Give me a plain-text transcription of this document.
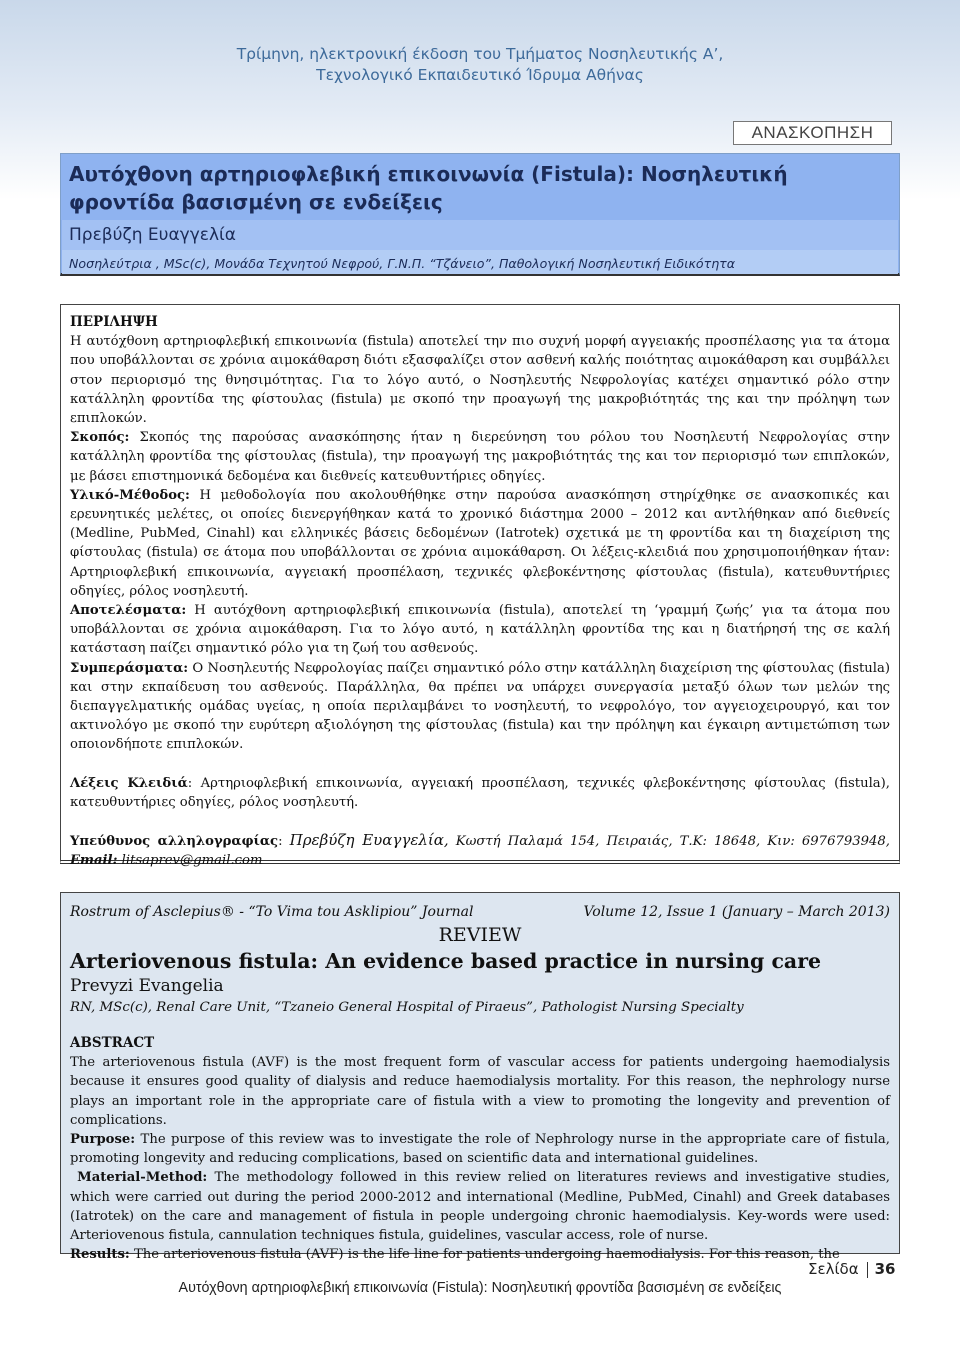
Τρίμηνη, ηλεκτρονική έκδοση του Τμήματος Νοσηλευτικής Α’,
Τεχνολογικό Εκπαιδευτικό Ίδρυμα Αθήνας
ΑΝΑΣΚΟΠΗΣΗ
Αυτόχθονη αρτηριοφλεβική επικοινωνία (Fistula): Νοσηλευτική φροντίδα βασισμένη σε ενδείξεις
Πρεβύζη Ευαγγελία
Νοσηλεύτρια , MSc(c), Μονάδα Τεχνητού Νεφρού, Γ.Ν.Π. “Τζάνειο”, Παθολογική Νοσηλευτική Ειδικότητα

ΠΕΡΙΛΗΨΗ

Η αυτόχθονη αρτηριοφλεβική επικοινωνία (fistula) αποτελεί την πιο συχνή μορφή αγγειακής προσπέλασης για τα άτομα που υποβάλλονται σε χρόνια αιμοκάθαρση διότι εξασφαλίζει στον ασθενή καλής ποιότητας αιμοκάθαρση και συμβάλλει στον περιορισμό της θνησιμότητας. Για το λόγο αυτό, ο Νοσηλευτής Νεφρολογίας κατέχει σημαντικό ρόλο στην κατάλληλη φροντίδα της φίστουλας (fistula) με σκοπό την προαγωγή της μακροβιότητάς της και την πρόληψη των επιπλοκών.

Σκοπός: Σκοπός της παρούσας ανασκόπησης ήταν η διερεύνηση του ρόλου του Νοσηλευτή Νεφρολογίας στην κατάλληλη φροντίδα της φίστουλας (fistula), την προαγωγή της μακροβιότητάς της και τον περιορισμό των επιπλοκών, με βάσει επιστημονικά δεδομένα και διεθνείς κατευθυντήριες οδηγίες.

Υλικό-Μέθοδος: Η μεθοδολογία που ακολουθήθηκε στην παρούσα ανασκόπηση στηρίχθηκε σε ανασκοπικές και ερευνητικές μελέτες, οι οποίες διενεργήθηκαν κατά το χρονικό διάστημα 2000 – 2012 και αντλήθηκαν από διεθνείς (Medline, PubMed, Cinahl) και ελληνικές βάσεις δεδομένων (Iatrotek) σχετικά με τη φροντίδα και τη διαχείριση της φίστουλας (fistula) σε άτομα που υποβάλλονται σε χρόνια αιμοκάθαρση. Οι λέξεις-κλειδιά που χρησιμοποιήθηκαν ήταν: Αρτηριοφλεβική επικοινωνία, αγγειακή προσπέλαση, τεχνικές φλεβοκέντησης φίστουλας (fistula), κατευθυντήριες οδηγίες, ρόλος νοσηλευτή.

Αποτελέσματα: Η αυτόχθονη αρτηριοφλεβική επικοινωνία (fistula), αποτελεί τη ‘γραμμή ζωής’ για τα άτομα που υποβάλλονται σε χρόνια αιμοκάθαρση. Για το λόγο αυτό, η κατάλληλη φροντίδα της και η διατήρησή της σε καλή κατάσταση παίζει σημαντικό ρόλο για τη ζωή του ασθενούς.

Συμπεράσματα: Ο Νοσηλευτής Νεφρολογίας παίζει σημαντικό ρόλο στην κατάλληλη διαχείριση της φίστουλας (fistula) και στην εκπαίδευση του ασθενούς. Παράλληλα, θα πρέπει να υπάρχει συνεργασία μεταξύ όλων των μελών της διεπαγγελματικής ομάδας υγείας, η οποία περιλαμβάνει το νοσηλευτή, το νεφρολόγο, τον αγγειοχειρουργό, και τον ακτινολόγο με σκοπό την ευρύτερη αξιολόγηση της φίστουλας (fistula) και την πρόληψη και έγκαιρη αντιμετώπιση των οποιονδήποτε επιπλοκών.

Λέξεις Κλειδιά: Αρτηριοφλεβική επικοινωνία, αγγειακή προσπέλαση, τεχνικές φλεβοκέντησης φίστουλας (fistula), κατευθυντήριες οδηγίες, ρόλος νοσηλευτή.

Υπεύθυνος αλληλογραφίας: Πρεβύζη Ευαγγελία, Κωστή Παλαμά 154, Πειραιάς, Τ.Κ: 18648, Κιν: 6976793948, Email: litsaprev@gmail.com

Rostrum of Asclepius® - “To Vima tou Asklipiou” Journal	Volume 12, Issue 1 (January – March 2013)
REVIEW
Arteriovenous fistula: An evidence based practice in nursing care
Prevyzi Evangelia
RN, MSc(c), Renal Care Unit, “Tzaneio General Hospital of Piraeus”, Pathologist Nursing Specialty

ABSTRACT

The arteriovenous fistula (AVF) is the most frequent form of vascular access for patients undergoing haemodialysis because it ensures good quality of dialysis and reduce haemodialysis mortality. For this reason, the nephrology nurse plays an important role in the appropriate care of fistula with a view to promoting the longevity and prevention of complications.

Purpose: The purpose of this review was to investigate the role of Nephrology nurse in the appropriate care of fistula, promoting longevity and reducing complications, based on scientific data and international guidelines.

Material-Method: The methodology followed in this review relied on literatures reviews and investigative studies, which were carried out during the period 2000-2012 and international (Medline, PubMed, Cinahl) and Greek databases (Iatrotek) on the care and management of fistula in people undergoing chronic haemodialysis. Key-words were used: Arteriovenous fistula, cannulation techniques fistula, guidelines, vascular access, role of nurse.

Results: The arteriovenous fistula (AVF) is the life line for patients undergoing haemodialysis. For this reason, the

Σελίδα 36
Αυτόχθονη αρτηριοφλεβική επικοινωνία (Fistula): Νοσηλευτική φροντίδα βασισμένη σε ενδείξεις
